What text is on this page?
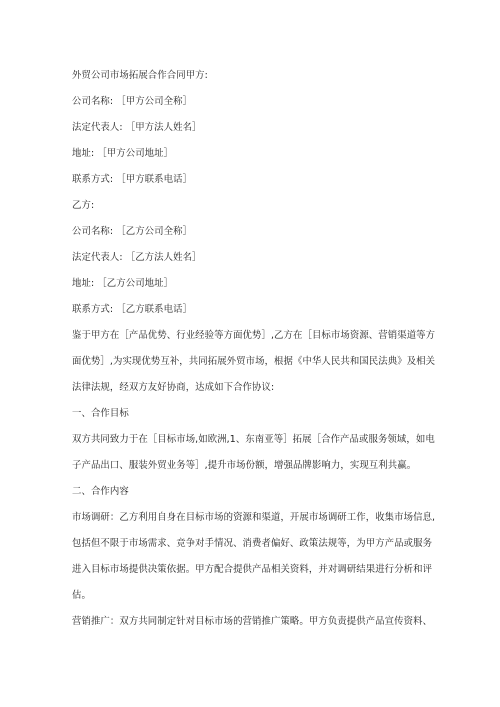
外贸公司市场拓展合作合同甲方:
公司名称: ［甲方公司全称］
法定代表人: ［甲方法人姓名］
地址: ［甲方公司地址］
联系方式: ［甲方联系电话］
乙方:
公司名称: ［乙方公司全称］
法定代表人: ［乙方法人姓名］
地址: ［乙方公司地址］
联系方式: ［乙方联系电话］
鉴于甲方在［产品优势、行业经验等方面优势］,乙方在［目标市场资源、营销渠道等方
面优势］,为实现优势互补，共同拓展外贸市场，根据《中华人民共和国民法典》及相关
法律法规，经双方友好协商，达成如下合作协议:
一、合作目标
双方共同致力于在［目标市场,如欧洲,1、东南亚等］拓展［合作产品或服务领域，如电
子产品出口、服装外贸业务等］,提升市场份额，增强品牌影响力，实现互利共赢。
二、合作内容
市场调研：乙方利用自身在目标市场的资源和渠道，开展市场调研工作，收集市场信息,
包括但不限于市场需求、竞争对手情况、消费者偏好、政策法规等，为甲方产品或服务
进入目标市场提供决策依据。甲方配合提供产品相关资料，并对调研结果进行分析和评
估。
营销推广：双方共同制定针对目标市场的营销推广策略。甲方负责提供产品宣传资料、
